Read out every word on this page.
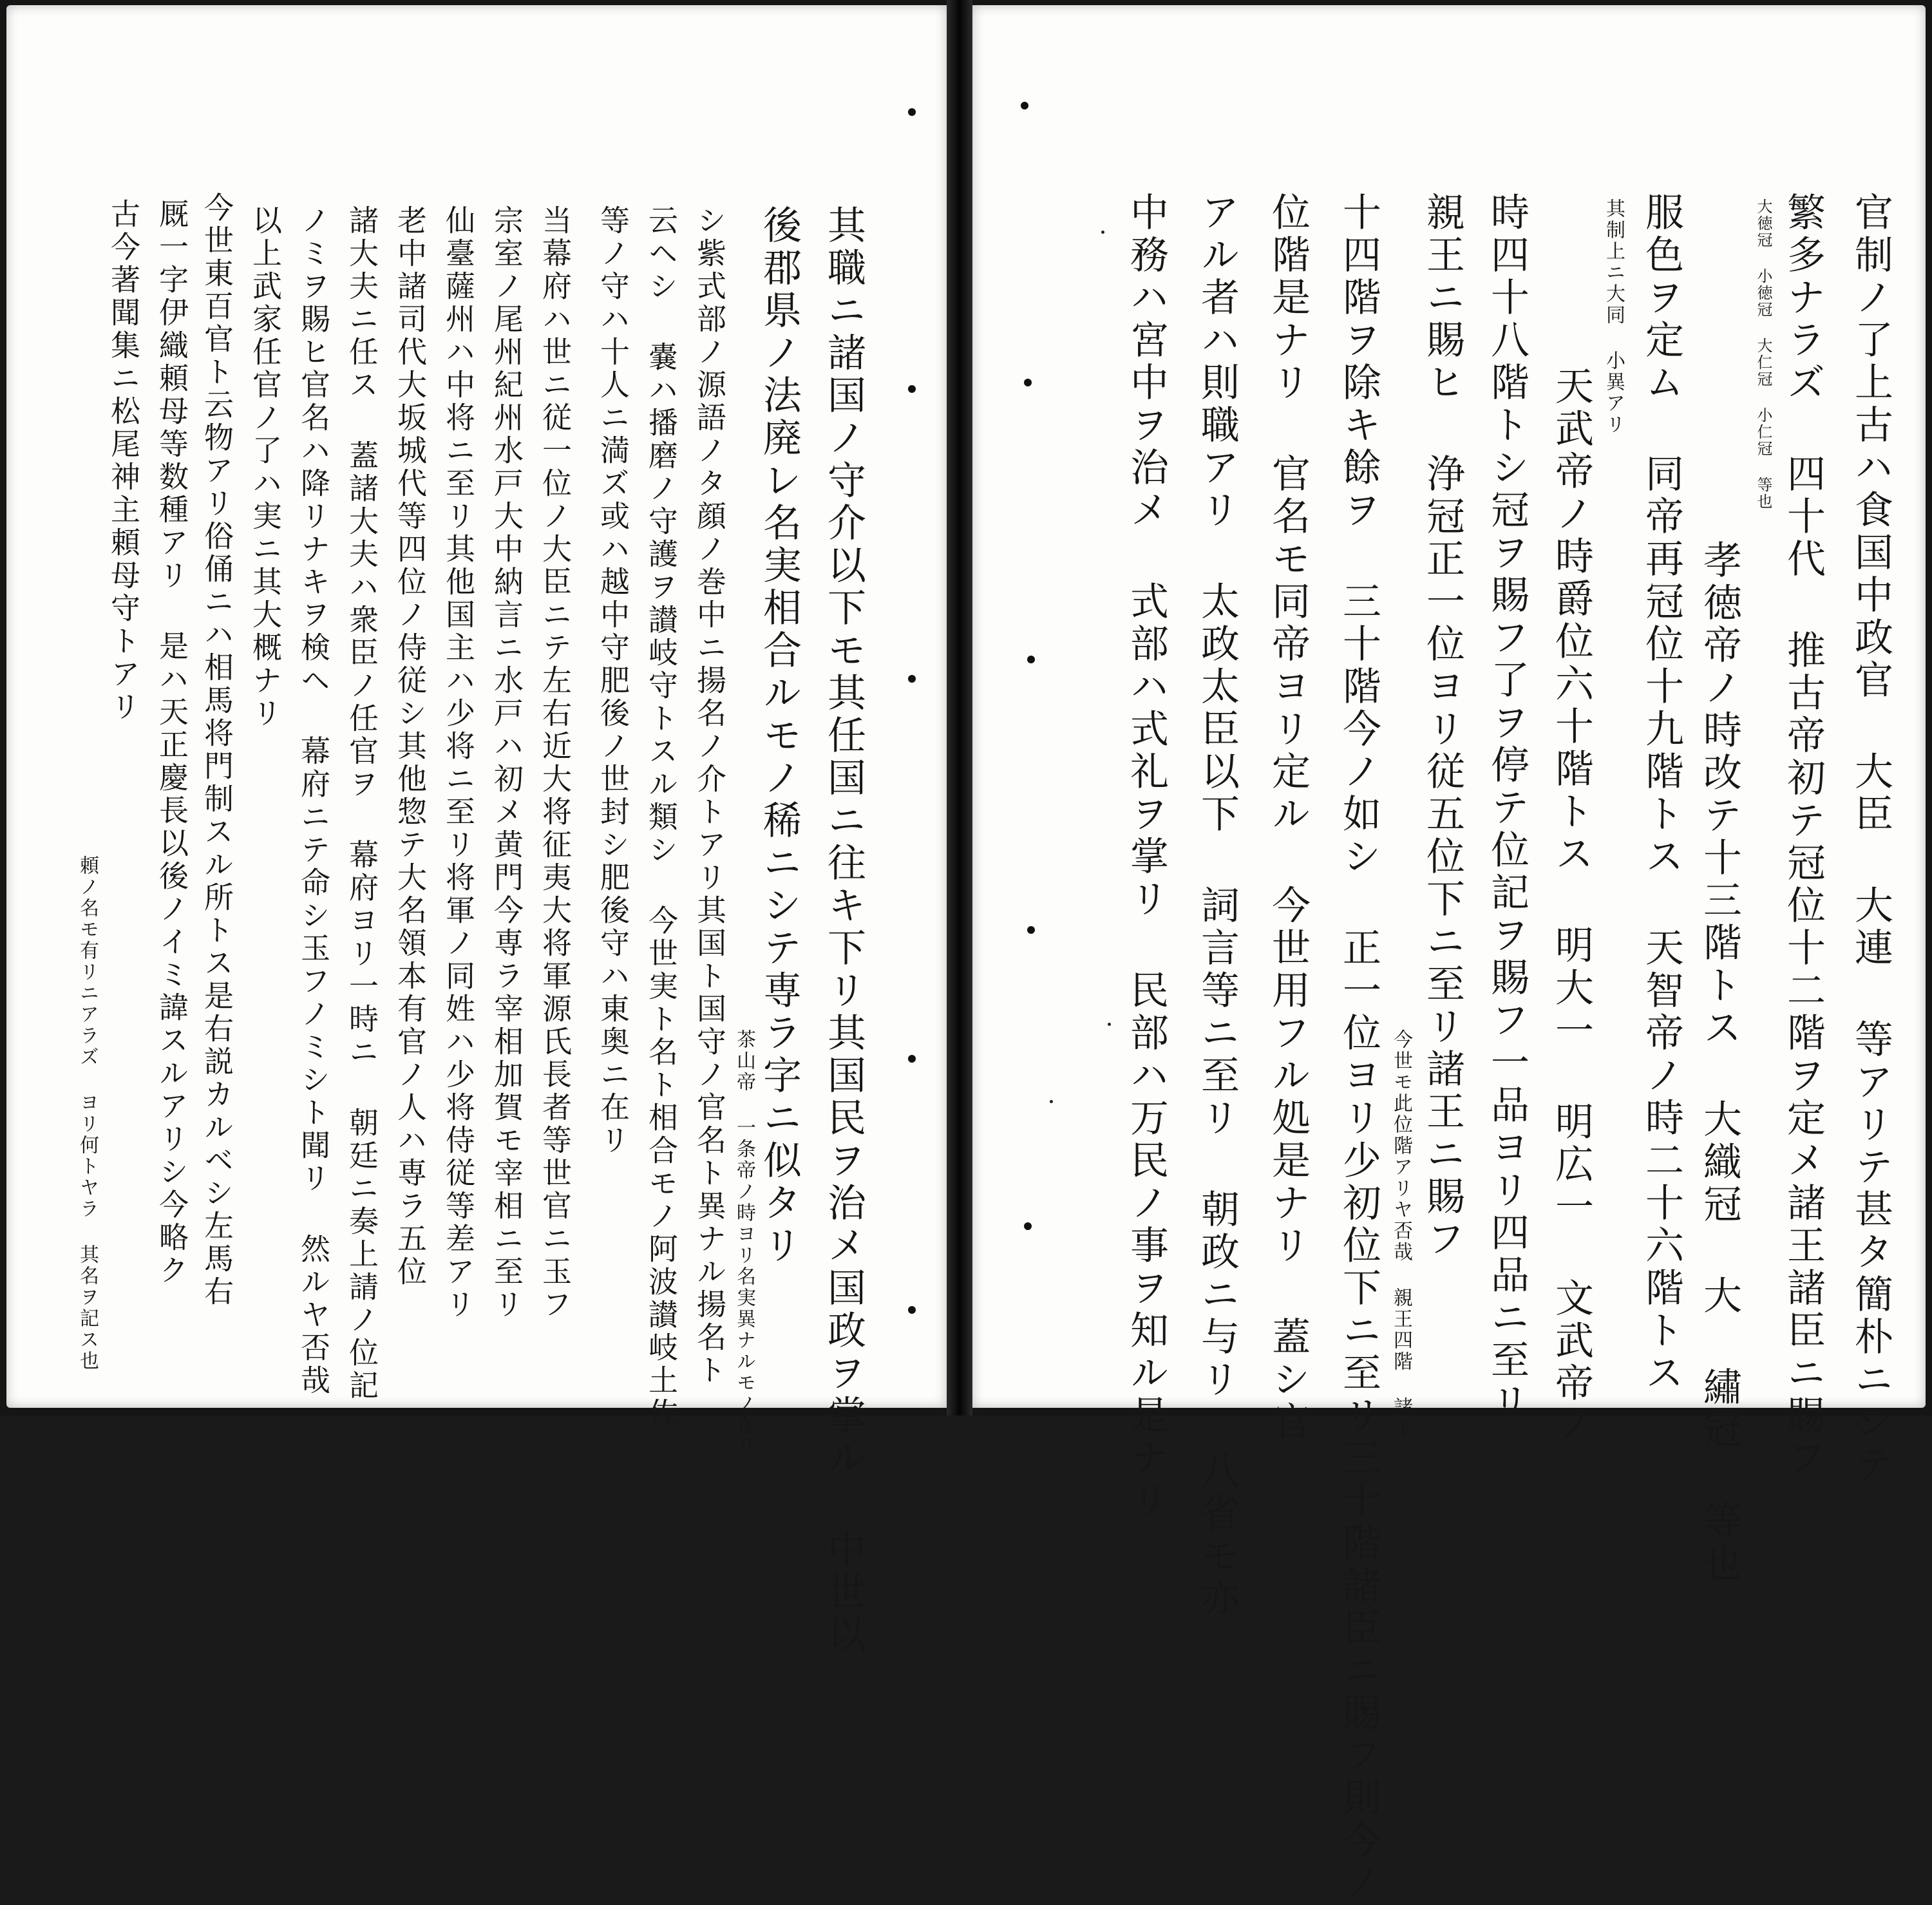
其職ニ諸国ノ守介以下モ其任国ニ往キ下リ其国民ヲ治メ国政ヲ掌ル 中世以
後郡県ノ法廃レ名実相合ルモノ稀ニシテ専ラ字ニ似タリ
茶山帝 一条帝ノ時ヨリ名実異ナルモノ在リ
シ紫式部ノ源語ノタ顔ノ巻中ニ揚名ノ介トアリ其国ト国守ノ官名ト異ナル揚名ト
云ヘシ 嚢ハ播磨ノ守護ヲ讃岐守トスル類シ 今世実ト名ト相合モノ阿波讃岐土佐
等ノ守ハ十人ニ満ズ或ハ越中守肥後ノ世封シ肥後守ハ東奥ニ在リ
当幕府ハ世ニ従一位ノ大臣ニテ左右近大将征夷大将軍源氏長者等世官ニ玉フ
宗室ノ尾州紀州水戸大中納言ニ水戸ハ初メ黄門今専ラ宰相加賀モ宰相ニ至リ
仙臺薩州ハ中将ニ至リ其他国主ハ少将ニ至リ将軍ノ同姓ハ少将侍従等差アリ
老中諸司代大坂城代等四位ノ侍従シ其他惣テ大名領本有官ノ人ハ専ラ五位
諸大夫ニ任ス 蓋諸大夫ハ衆臣ノ任官ヲ 幕府ヨリ一時ニ 朝廷ニ奏上請ノ位記
ノミヲ賜ヒ官名ハ降リナキヲ検ヘ 幕府ニテ命シ玉フノミシト聞リ 然ルヤ否哉
以上武家任官ノ了ハ実ニ其大概ナリ
今世東百官ト云物アリ俗俑ニハ相馬将門制スル所トス是右説カルベシ左馬右
厩一字伊織頼母等数種アリ 是ハ天正慶長以後ノイミ諱スルアリシ今略ク
古今著聞集ニ松尾神主頼母守トアリ
頼ノ名モ有リニアラズ ヨリ何トヤラ 其名ヲ記ス也	官制ノ了上古ハ食国中政官 大臣 大連 等アリテ甚タ簡朴ニシテ
繁多ナラズ 四十代 推古帝初テ冠位十二階ヲ定メ諸王諸臣ニ賜フ
大徳冠 小徳冠 大仁冠 小仁冠 等也
孝徳帝ノ時改テ十三階トス 大織冠 大 繡冠 等也
服色ヲ定ム 同帝再冠位十九階トス 天智帝ノ時二十六階トス
其制上ニ大同 小異アリ
天武帝ノ時爵位六十階トス 明大一 明広一 文武帝ノ
時四十八階トシ冠ヲ賜フ了ヲ停テ位記ヲ賜フ一品ヨリ四品ニ至リ
親王ニ賜ヒ 浄冠正一位ヨリ従五位下ニ至リ諸王ニ賜フ
今世モ此位階アリヤ否哉 親王四階 諸王
十四階ヲ除キ餘ヲ 三十階今ノ如シ 正一位ヨリ少初位下ニ至リ三十階諸臣ニ賜フ則今ノ
位階是ナリ 官名モ同帝ヨリ定ル 今世用フル処是ナリ 蓋シ官
アル者ハ則職アリ 太政太臣以下 詞言等ニ至リ 朝政ニ与リ 八省モ亦
中務ハ宮中ヲ治メ 式部ハ式礼ヲ掌リ 民部ハ万民ノ事ヲ知ル是ナリ
